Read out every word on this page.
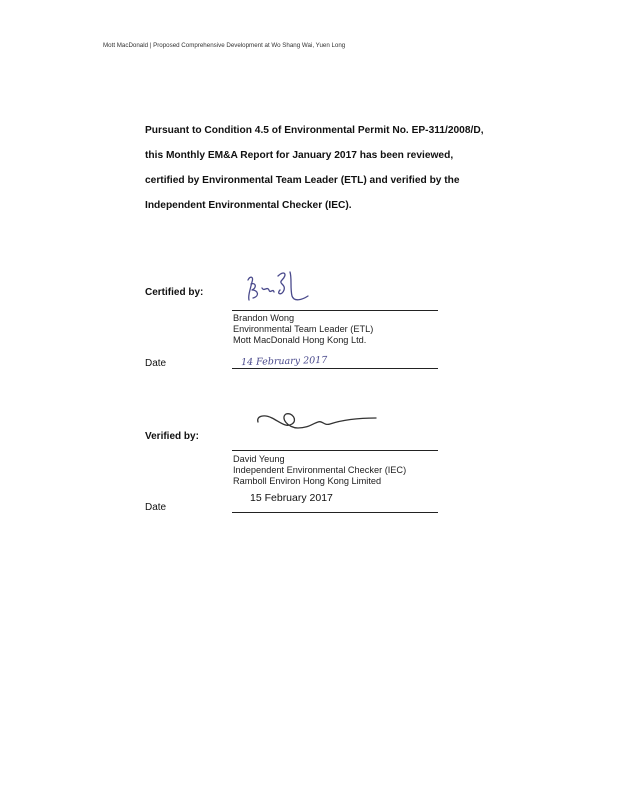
Mott MacDonald | Proposed Comprehensive Development at Wo Shang Wai, Yuen Long
Pursuant to Condition 4.5 of Environmental Permit No. EP-311/2008/D,
this Monthly EM&A Report for January 2017 has been reviewed,
certified by Environmental Team Leader (ETL) and verified by the
Independent Environmental Checker (IEC).
Certified by:
Brandon Wong
Environmental Team Leader (ETL)
Mott MacDonald Hong Kong Ltd.
Date	14 February 2017
Verified by:
David Yeung
Independent Environmental Checker (IEC)
Ramboll Environ Hong Kong Limited
15 February 2017
Date
